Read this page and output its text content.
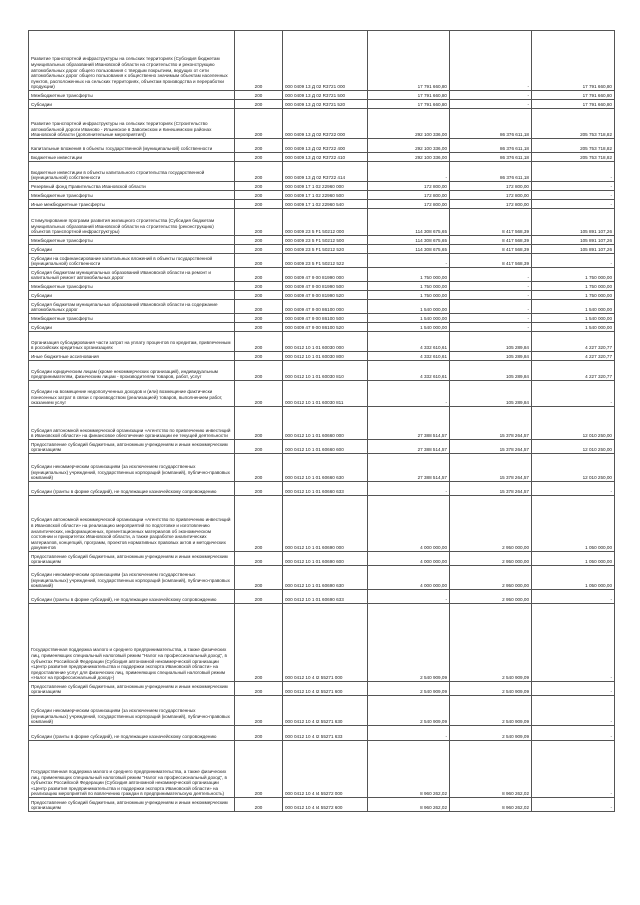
Развитие транспортной инфраструктуры на сельских территориях (Субсидия бюджетам муниципальных образований Ивановской области на строительство и реконструкцию автомобильных дорог общего пользования с твердым покрытием, ведущих от сети автомобильных дорог общего пользования к общественно значимым объектам населенных пунктов, расположенных на сельских территориях, объектам производства и переработки продукции)	200	000 0409 13 Д 02 R3721 000	17 791 660,80	-	17 791 660,80
Межбюджетные трансферты	200	000 0409 13 Д 02 R3721 500	17 791 660,80	-	17 791 660,80
Субсидии	200	000 0409 13 Д 02 R3721 520	17 791 660,80	-	17 791 660,80
Развитие транспортной инфраструктуры на сельских территориях (Строительство автомобильной дороги Иваново - Ильинское в Заволжском и Кинешемском районах Ивановской области (дополнительные мероприятия))	200	000 0409 13 Д 02 R3722 000	292 100 336,00	86 376 611,18	205 753 718,82
Капитальные вложения в объекты государственной (муниципальной) собственности	200	000 0409 13 Д 02 R3722 400	292 100 336,00	86 376 611,18	205 753 718,82
Бюджетные инвестиции	200	000 0409 13 Д 02 R3722 410	292 100 336,00	86 376 611,18	205 753 718,82
Бюджетные инвестиции в объекты капитального строительства государственной (муниципальной) собственности	200	000 0409 13 Д 02 R3722 414	-	86 376 611,18	-
Резервный фонд Правительства Ивановской области	200	000 0409 17 1 02 22960 000	172 800,00	172 800,00	-
Межбюджетные трансферты	200	000 0409 17 1 02 22960 500	172 800,00	172 800,00	-
Иные межбюджетные трансферты	200	000 0409 17 1 02 22960 540	172 800,00	172 800,00	-
Стимулирование программ развития жилищного строительства (Субсидия бюджетам муниципальных образований Ивановской области на строительство (реконструкцию) объектов транспортной инфраструктуры)	200	000 0409 23 5 F1 50212 000	114 308 675,65	8 417 568,39	105 891 107,26
Межбюджетные трансферты	200	000 0409 23 5 F1 50212 500	114 308 675,65	8 417 568,39	105 891 107,26
Субсидии	200	000 0409 23 5 F1 50212 520	114 308 675,65	8 417 568,39	105 891 107,26
Субсидии на софинансирование капитальных вложений в объекты государственной (муниципальной) собственности	200	000 0409 23 5 F1 50212 522	-	8 417 568,39	-
Субсидия бюджетам муниципальных образований Ивановской области на ремонт и капитальный ремонт автомобильных дорог	200	000 0409 47 9 00 81990 000	1 750 000,00	-	1 750 000,00
Межбюджетные трансферты	200	000 0409 47 9 00 81990 500	1 750 000,00	-	1 750 000,00
Субсидии	200	000 0409 47 9 00 81990 520	1 750 000,00	-	1 750 000,00
Субсидия бюджетам муниципальных образований Ивановской области на содержание автомобильных дорог	200	000 0409 47 9 00 86100 000	1 540 000,00	-	1 540 000,00
Межбюджетные трансферты	200	000 0409 47 9 00 86100 500	1 540 000,00	-	1 540 000,00
Субсидии	200	000 0409 47 9 00 86100 520	1 540 000,00	-	1 540 000,00
Организация субсидирования части затрат на уплату процентов по кредитам, привлеченным в российских кредитных организациях	200	000 0412 10 1 01 60030 000	4 332 610,61	105 289,84	4 227 320,77
Иные бюджетные ассигнования	200	000 0412 10 1 01 60030 800	4 332 610,61	105 289,84	4 227 320,77
Субсидии юридическим лицам (кроме некоммерческих организаций), индивидуальным предпринимателям, физическим лицам - производителям товаров, работ, услуг	200	000 0412 10 1 01 60030 810	4 332 610,61	105 289,84	4 227 320,77
Субсидии на возмещение недополученных доходов и (или) возмещение фактически понесенных затрат в связи с производством (реализацией) товаров, выполнением работ, оказанием услуг	200	000 0412 10 1 01 60030 811	-	105 289,84	-
Субсидия автономной некоммерческой организации «Агентство по привлечению инвестиций в Ивановской области» на финансовое обеспечение организации ее текущей деятельности	200	000 0412 10 1 01 60660 000	27 388 514,57	15 378 264,57	12 010 250,00
Предоставление субсидий бюджетным, автономным учреждениям и иным некоммерческим организациям	200	000 0412 10 1 01 60660 600	27 388 514,57	15 378 264,57	12 010 250,00
Субсидии некоммерческим организациям (за исключением государственных (муниципальных) учреждений, государственных корпораций (компаний), публично-правовых компаний)	200	000 0412 10 1 01 60660 630	27 388 514,57	15 378 264,57	12 010 250,00
Субсидии (гранты в форме субсидий), не подлежащие казначейскому сопровождению	200	000 0412 10 1 01 60660 633	-	15 378 264,57	-
Субсидия автономной некоммерческой организации «Агентство по привлечению инвестиций в Ивановской области» на реализацию мероприятий по подготовке и изготовлению аналитических, информационных, презентационных материалов об экономическом состоянии и приоритетах Ивановской области, а также разработке аналитических материалов, концепций, программ, проектов нормативных правовых актов и методических документов	200	000 0412 10 1 01 60690 000	4 000 000,00	2 950 000,00	1 050 000,00
Предоставление субсидий бюджетным, автономным учреждениям и иным некоммерческим организациям	200	000 0412 10 1 01 60690 600	4 000 000,00	2 950 000,00	1 050 000,00
Субсидии некоммерческим организациям (за исключением государственных (муниципальных) учреждений, государственных корпораций (компаний), публично-правовых компаний)	200	000 0412 10 1 01 60690 630	4 000 000,00	2 950 000,00	1 050 000,00
Субсидии (гранты в форме субсидий), не подлежащие казначейскому сопровождению	200	000 0412 10 1 01 60690 633	-	2 950 000,00	-
Государственная поддержка малого и среднего предпринимательства, а также физических лиц, применяющих специальный налоговый режим "Налог на профессиональный доход", в субъектах Российской Федерации (Субсидия автономной некоммерческой организации «Центр развития предпринимательства и поддержки экспорта Ивановской области» на предоставление услуг для физических лиц, применяющих специальный налоговый режим «Налог на профессиональный доход»)	200	000 0412 10 4 I2 55271 000	2 540 909,09	2 540 909,09	-
Предоставление субсидий бюджетным, автономным учреждениям и иным некоммерческим организациям	200	000 0412 10 4 I2 55271 600	2 540 909,09	2 540 909,09	-
Субсидии некоммерческим организациям (за исключением государственных (муниципальных) учреждений, государственных корпораций (компаний), публично-правовых компаний)	200	000 0412 10 4 I2 55271 630	2 540 909,09	2 540 909,09	-
Субсидии (гранты в форме субсидий), не подлежащие казначейскому сопровождению	200	000 0412 10 4 I2 55271 633	-	2 540 909,09	-
Государственная поддержка малого и среднего предпринимательства, а также физических лиц, применяющих специальный налоговый режим "Налог на профессиональный доход", в субъектах Российской Федерации (Субсидия автономной некоммерческой организации «Центр развития предпринимательства и поддержки экспорта Ивановской области» на реализацию мероприятий по вовлечению граждан в предпринимательскую деятельность)	200	000 0412 10 4 I4 55272 000	8 960 262,02	8 960 262,02	-
Предоставление субсидий бюджетным, автономным учреждениям и иным некоммерческим организациям	200	000 0412 10 4 I4 55272 600	8 960 262,02	8 960 262,02	-
